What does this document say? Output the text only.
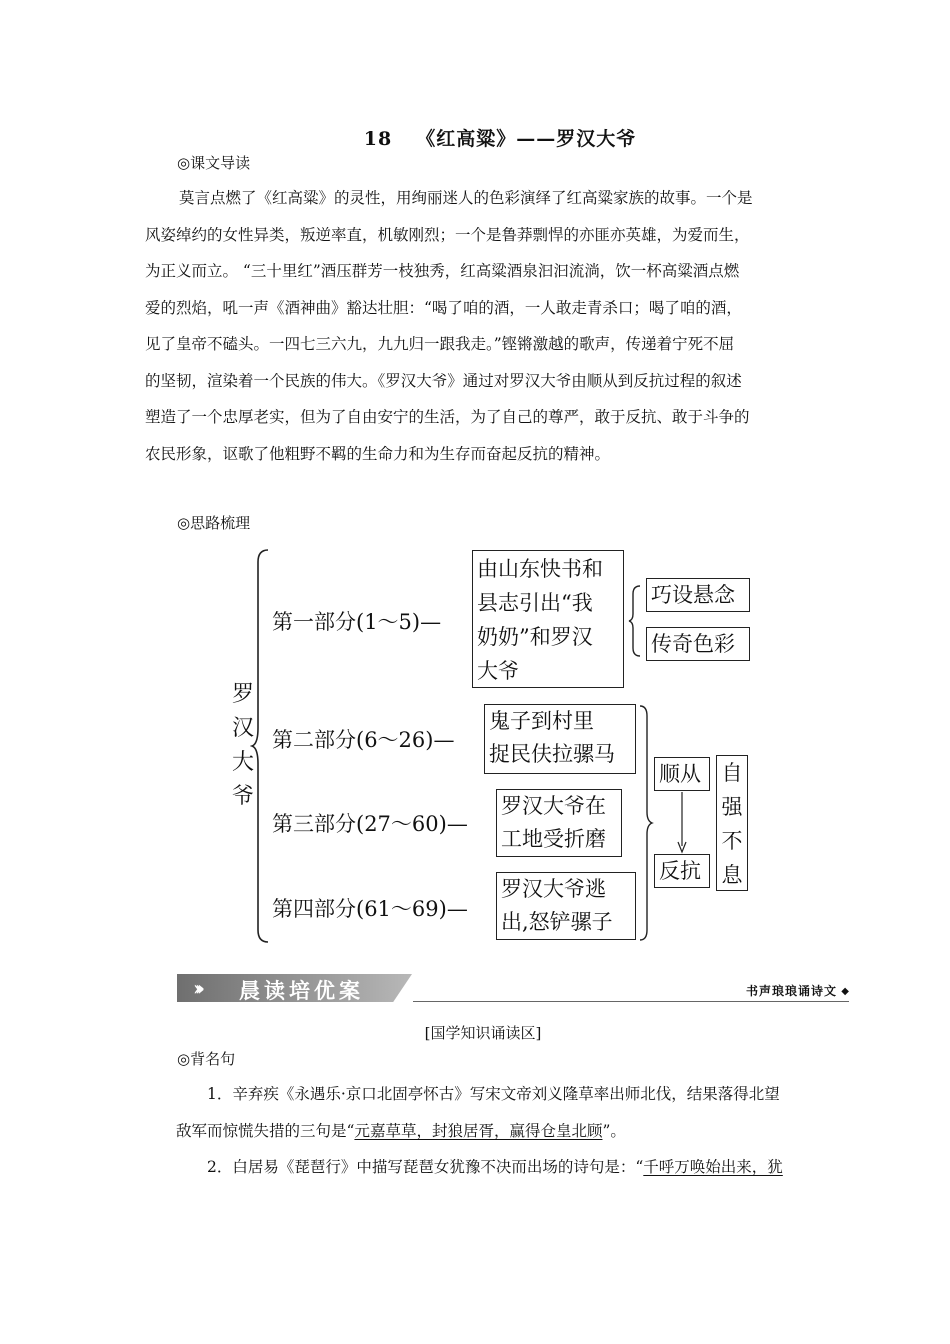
18 《红高粱》——罗汉大爷
◎课文导读
莫言点燃了《红高粱》的灵性，用绚丽迷人的色彩演绎了红高粱家族的故事。一个是
风姿绰约的女性异类，叛逆率直，机敏刚烈；一个是鲁莽剽悍的亦匪亦英雄，为爱而生，
为正义而立。 “三十里红”酒压群芳一枝独秀，红高粱酒泉汩汩流淌，饮一杯高粱酒点燃
爱的烈焰，吼一声《酒神曲》豁达壮胆：“喝了咱的酒，一人敢走青杀口；喝了咱的酒，
见了皇帝不磕头。一四七三六九，九九归一跟我走。”铿锵激越的歌声，传递着宁死不屈
的坚韧，渲染着一个民族的伟大。《罗汉大爷》通过对罗汉大爷由顺从到反抗过程的叙述
塑造了一个忠厚老实，但为了自由安宁的生活，为了自己的尊严，敢于反抗、敢于斗争的
农民形象，讴歌了他粗野不羁的生命力和为生存而奋起反抗的精神。
◎思路梳理
罗
汉
大
爷
第一部分(1～5)—
由山东快书和
县志引出“我
奶奶”和罗汉
大爷
巧设悬念
传奇色彩
第二部分(6～26)—
鬼子到村里
捉民伕拉骡马
第三部分(27～60)—
罗汉大爷在
工地受折磨
第四部分(61～69)—
罗汉大爷逃
出,怒铲骡子
顺从
反抗
自
强
不
息
››› 晨读培优案	书声琅琅诵诗文 ◆
[国学知识诵读区]
◎背名句
1．辛弃疾《永遇乐·京口北固亭怀古》写宋文帝刘义隆草率出师北伐，结果落得北望
敌军而惊慌失措的三句是“元嘉草草，封狼居胥，赢得仓皇北顾”。
2．白居易《琵琶行》中描写琵琶女犹豫不决而出场的诗句是：“千呼万唤始出来，犹
